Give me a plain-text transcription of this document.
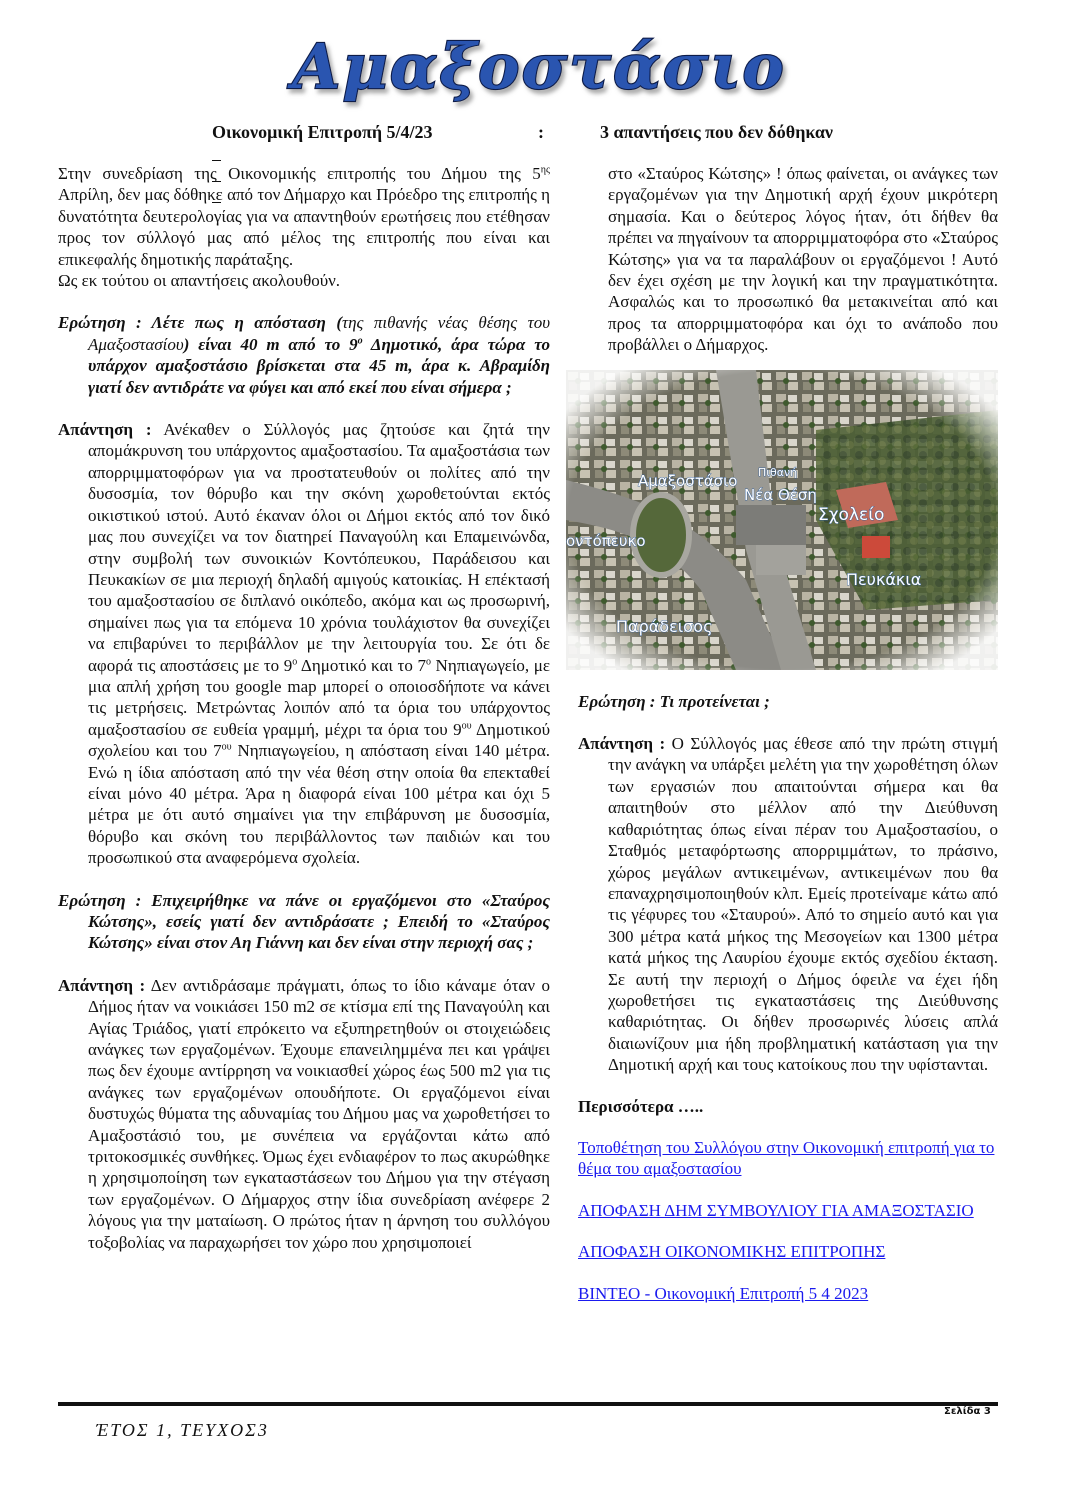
Αμαξοστάσιο

Οικονομική Επιτροπή 5/4/23

	:

	3 απαντήσεις που δεν δόθηκαν

Στην συνεδρίαση της Οικονομικής επιτροπής του Δήμου της $5^{\eta\varsigma}$ Απρίλη, δεν μας δόθηκε από τον Δήμαρχο και Πρόεδρο της επιτροπής η δυνατότητα δευτερολογίας για να απαντηθούν ερωτήσεις που ετέθησαν προς τον σύλλογό μας από μέλος της επιτροπής που είναι και επικεφαλής δημοτικής παράταξης.

Ως εκ τούτου οι απαντήσεις ακολουθούν.

Ερώτηση : Λέτε πως η απόσταση (της πιθανής νέας θέσης του Αμαξοστασίου) είναι 40 m από το $9^o$ Δημοτικό, άρα τώρα το υπάρχον αμαξοστάσιο βρίσκεται στα 45 m, άρα κ. Αβραμίδη γιατί δεν αντιδράτε να φύγει και από εκεί που είναι σήμερα ;

Απάντηση : Ανέκαθεν ο Σύλλογός μας ζητούσε και ζητά την απομάκρυνση του υπάρχοντος αμαξοστασίου. Τα αμαξοστάσια των απορριμματοφόρων για να προστατευθούν οι πολίτες από την δυσοσμία, τον θόρυβο και την σκόνη χωροθετούνται εκτός οικιστικού ιστού. Αυτό έκαναν όλοι οι Δήμοι εκτός από τον δικό μας που συνεχίζει να τον διατηρεί Παναγούλη και Επαμεινώνδα, στην συμβολή των συνοικιών Κοντόπευκου, Παράδεισου και Πευκακίων σε μια περιοχή δηλαδή αμιγούς κατοικίας. Η επέκτασή του αμαξοστασίου σε διπλανό οικόπεδο, ακόμα και ως προσωρινή, σημαίνει πως για τα επόμενα 10 χρόνια τουλάχιστον θα συνεχίζει να επιβαρύνει το περιβάλλον με την λειτουργία του. Σε ότι δε αφορά τις αποστάσεις με το $9^o$ Δημοτικό και το $7^o$ Νηπιαγωγείο, με μια απλή χρήση του google map μπορεί ο οποιοσδήποτε να κάνει τις μετρήσεις. Μετρώντας λοιπόν από τα όρια του υπάρχοντος αμαξοστασίου σε ευθεία γραμμή, μέχρι τα όρια του $9^{o\upsilon}$ Δημοτικού σχολείου και του $7^{o\upsilon}$ Νηπιαγωγείου, η απόσταση είναι 140 μέτρα. Ενώ η ίδια απόσταση από την νέα θέση στην οποία θα επεκταθεί είναι μόνο 40 μέτρα. Άρα η διαφορά είναι 100 μέτρα και όχι 5 μέτρα με ότι αυτό σημαίνει για την επιβάρυνση με δυσοσμία, θόρυβο και σκόνη του περιβάλλοντος των παιδιών και του προσωπικού στα αναφερόμενα σχολεία.

Ερώτηση : Επιχειρήθηκε να πάνε οι εργαζόμενοι στο «Σταύρος Κώτσης», εσείς γιατί δεν αντιδράσατε ; Επειδή το «Σταύρος Κώτσης» είναι στον Αη Γιάννη και δεν είναι στην περιοχή σας ;

Απάντηση : Δεν αντιδράσαμε πράγματι, όπως το ίδιο κάναμε όταν ο Δήμος ήταν να νοικιάσει 150 m2 σε κτίσμα επί της Παναγούλη και Αγίας Τριάδος, γιατί επρόκειτο να εξυπηρετηθούν οι στοιχειώδεις ανάγκες των εργαζομένων. Έχουμε επανειλημμένα πει και γράψει πως δεν έχουμε αντίρρηση να νοικιασθεί χώρος έως 500 m2 για τις ανάγκες των εργαζομένων οπουδήποτε. Οι εργαζόμενοι είναι δυστυχώς θύματα της αδυναμίας του Δήμου μας να χωροθετήσει το Αμαξοστάσιό του, με συνέπεια να εργάζονται κάτω από τριτοκοσμικές συνθήκες. Όμως έχει ενδιαφέρον το πως ακυρώθηκε η χρησιμοποίηση των εγκαταστάσεων του Δήμου για την στέγαση των εργαζομένων. Ο Δήμαρχος στην ίδια συνεδρίαση ανέφερε 2 λόγους για την ματαίωση. Ο πρώτος ήταν η άρνηση του συλλόγου τοξοβολίας να παραχωρήσει τον χώρο που χρησιμοποιεί

στο «Σταύρος Κώτσης» ! όπως φαίνεται, οι ανάγκες των εργαζομένων για την Δημοτική αρχή έχουν μικρότερη σημασία. Και ο δεύτερος λόγος ήταν, ότι δήθεν θα πρέπει να πηγαίνουν τα απορριμματοφόρα στο «Σταύρος Κώτσης» για να τα παραλάβουν οι εργαζόμενοι ! Αυτό δεν έχει σχέση με την λογική και την πραγματικότητα. Ασφαλώς και το προσωπικό θα μετακινείται από και προς τα απορριμματοφόρα και όχι το ανάποδο που προβάλλει ο Δήμαρχος.

Ερώτηση : Τι προτείνεται ;

Απάντηση : Ο Σύλλογός μας έθεσε από την πρώτη στιγμή την ανάγκη να υπάρξει μελέτη για την χωροθέτηση όλων των εργασιών που απαιτούνται σήμερα και θα απαιτηθούν στο μέλλον από την Διεύθυνση καθαριότητας όπως είναι πέραν του Αμαξοστασίου, ο Σταθμός μεταφόρτωσης απορριμμάτων, το πράσινο, χώρος μεγάλων αντικειμένων, αντικειμένων που θα επαναχρησιμοποιηθούν κλπ. Εμείς προτείναμε κάτω από τις γέφυρες του «Σταυρού». Από το σημείο αυτό και για 300 μέτρα κατά μήκος της Μεσογείων και 1300 μέτρα κατά μήκος της Λαυρίου έχουμε εκτός σχεδίου έκταση. Σε αυτή την περιοχή ο Δήμος όφειλε να έχει ήδη χωροθετήσει τις εγκαταστάσεις της Διεύθυνσης καθαριότητας. Οι δήθεν προσωρινές λύσεις απλά διαιωνίζουν μια ήδη προβληματική κατάσταση για την Δημοτική αρχή και τους κατοίκους που την υφίστανται.

Περισσότερα …..

Τοποθέτηση του Συλλόγου στην Οικονομική επιτροπή για το θέμα του αμαξοστασίου
ΑΠΟΦΑΣΗ ΔΗΜ ΣΥΜΒΟΥΛΙΟΥ ΓΙΑ ΑΜΑΞΟΣΤΑΣΙΟ
ΑΠΟΦΑΣΗ ΟΙΚΟΝΟΜΙΚΗΣ ΕΠΙΤΡΟΠΗΣ
ΒΙΝΤΕΟ - Οικονομική Επιτροπή 5 4 2023
ΈΤΟΣ 1, ΤΕΥΧΟΣ3
Σελίδα 3
